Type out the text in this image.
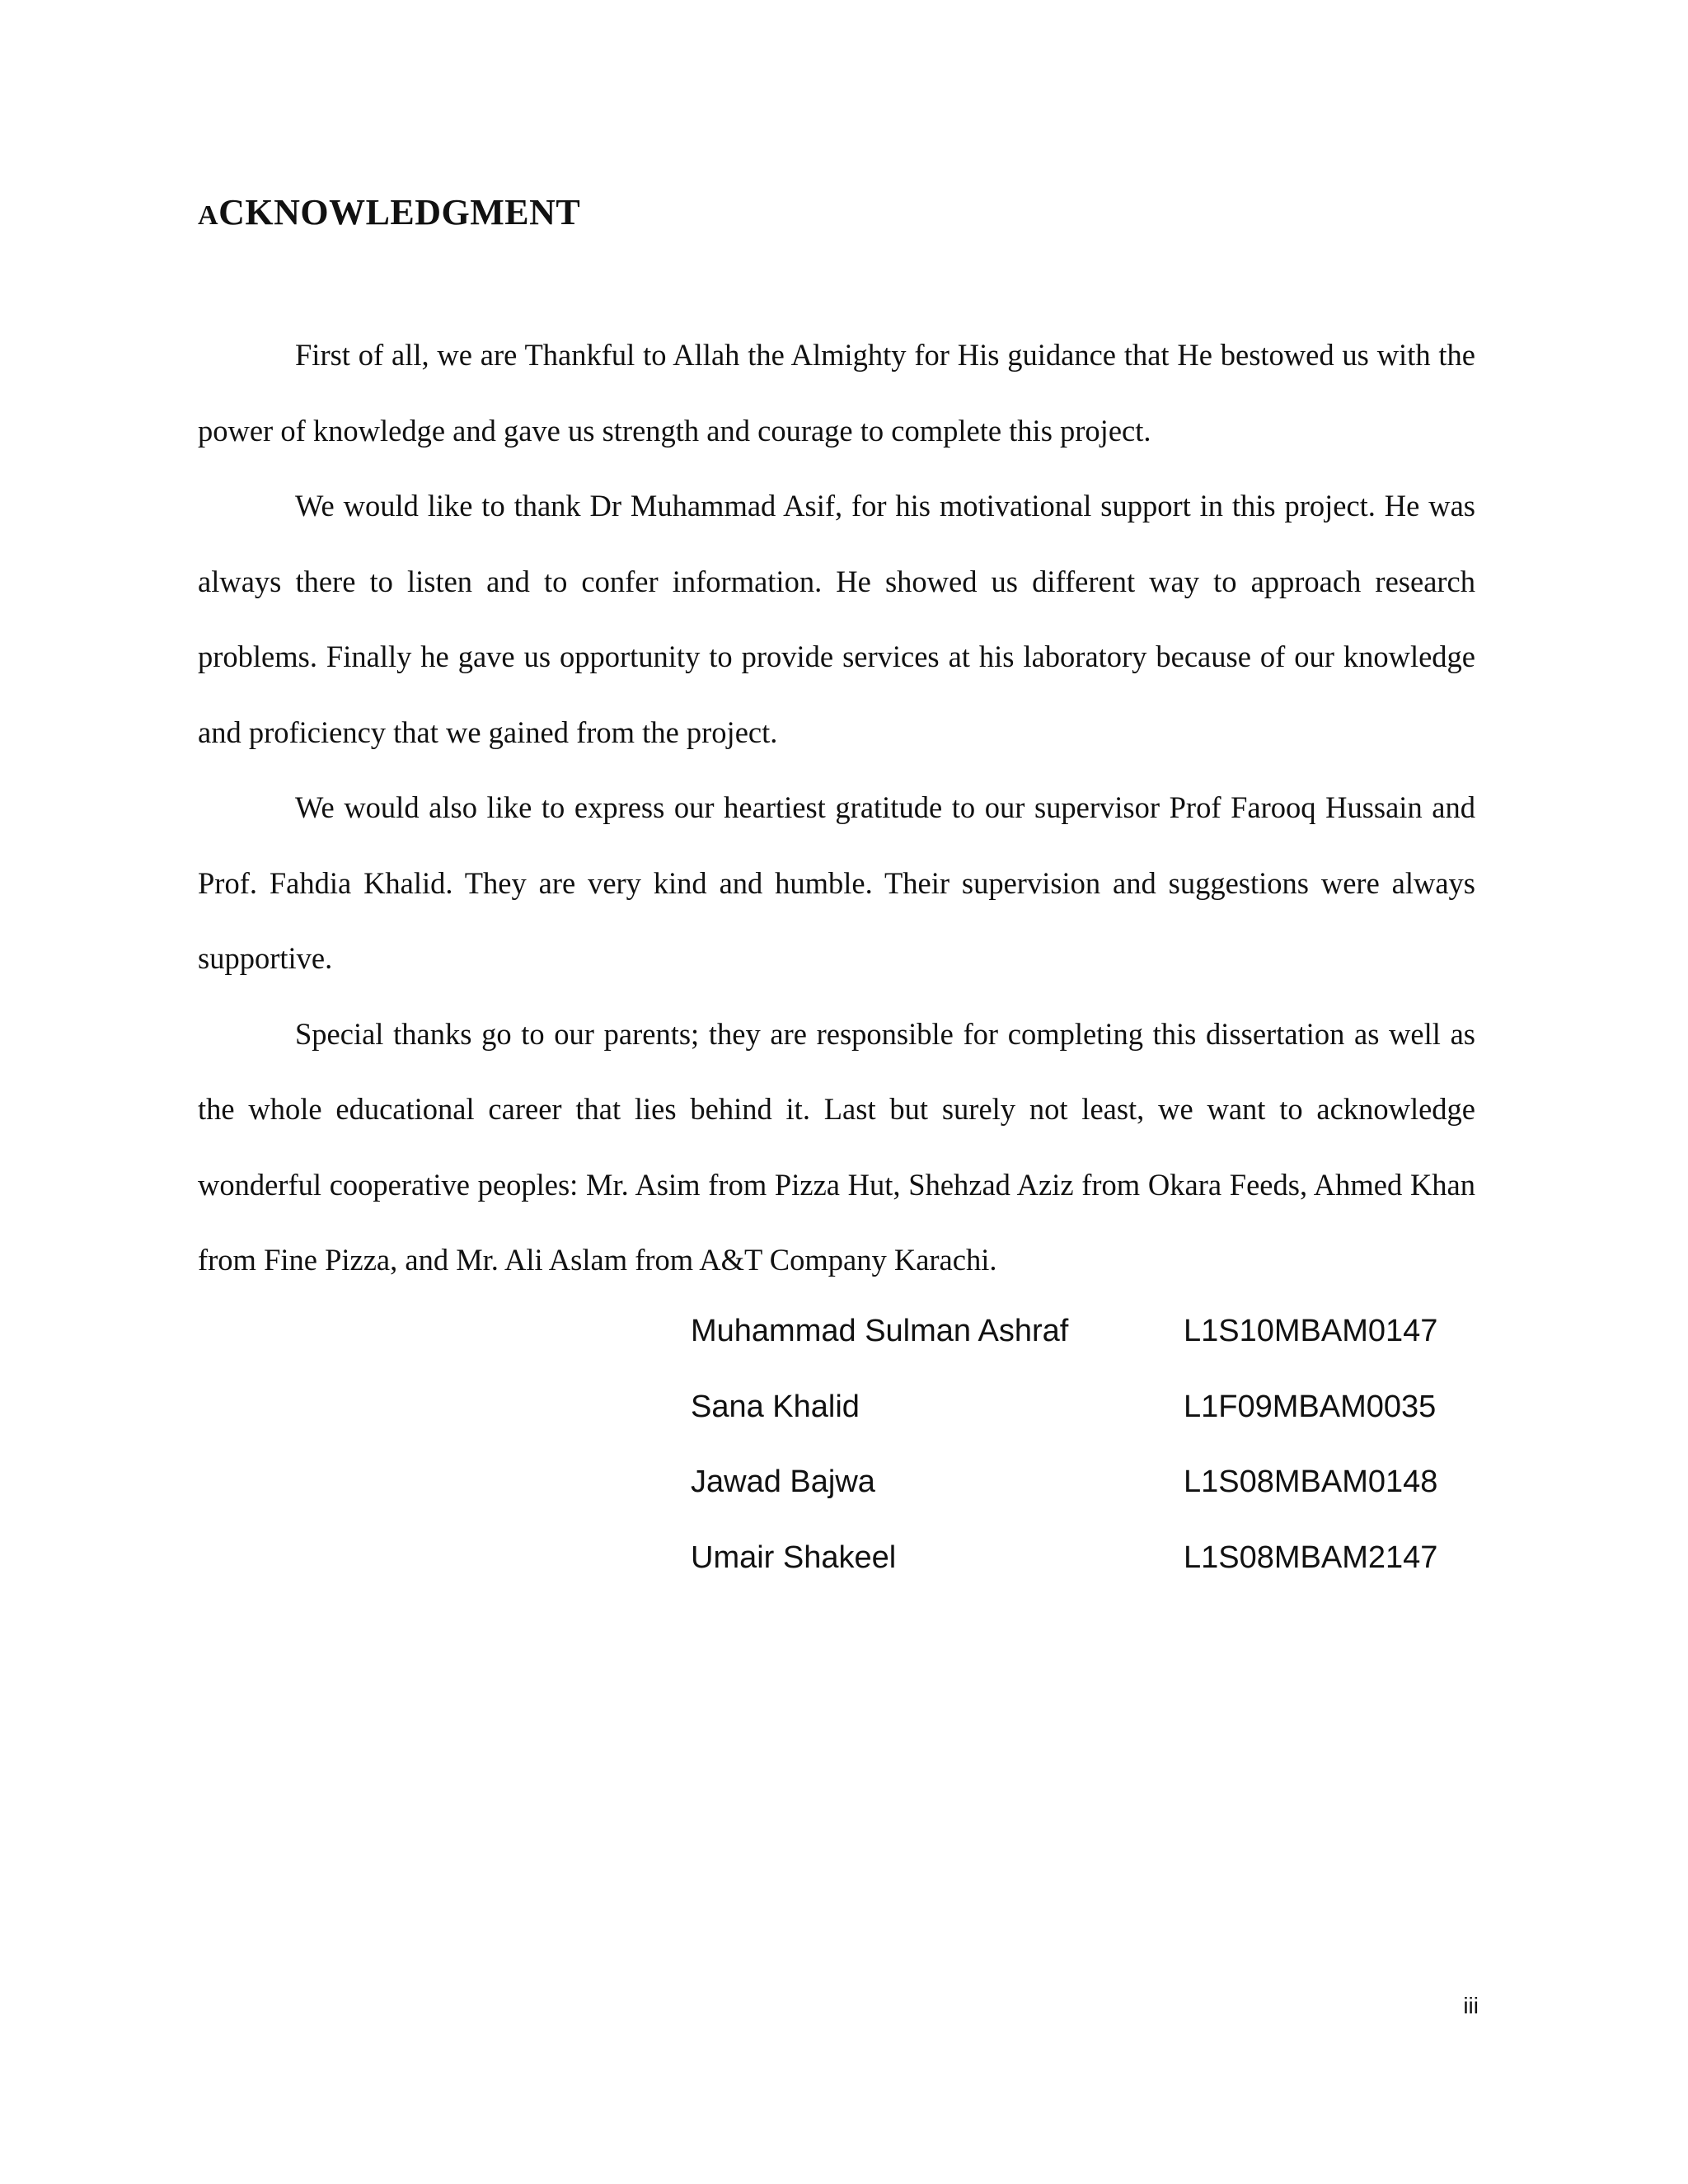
ACKNOWLEDGMENT

First of all, we are Thankful to Allah the Almighty for His guidance that He bestowed us with the power of knowledge and gave us strength and courage to complete this project.

We would like to thank Dr Muhammad Asif, for his motivational support in this project. He was always there to listen and to confer information. He showed us different way to approach research problems. Finally he gave us opportunity to provide services at his laboratory because of our knowledge and proficiency that we gained from the project.

We would also like to express our heartiest gratitude to our supervisor Prof Farooq Hussain and Prof. Fahdia Khalid. They are very kind and humble. Their supervision and suggestions were always supportive.

Special thanks go to our parents; they are responsible for completing this dissertation as well as the whole educational career that lies behind it. Last but surely not least, we want to acknowledge wonderful cooperative peoples: Mr. Asim from Pizza Hut, Shehzad Aziz from Okara Feeds, Ahmed Khan from Fine Pizza, and Mr. Ali Aslam from A&T Company Karachi.

Muhammad Sulman Ashraf	L1S10MBAM0147
Sana Khalid	L1F09MBAM0035
Jawad Bajwa	L1S08MBAM0148
Umair Shakeel	L1S08MBAM2147
iii
